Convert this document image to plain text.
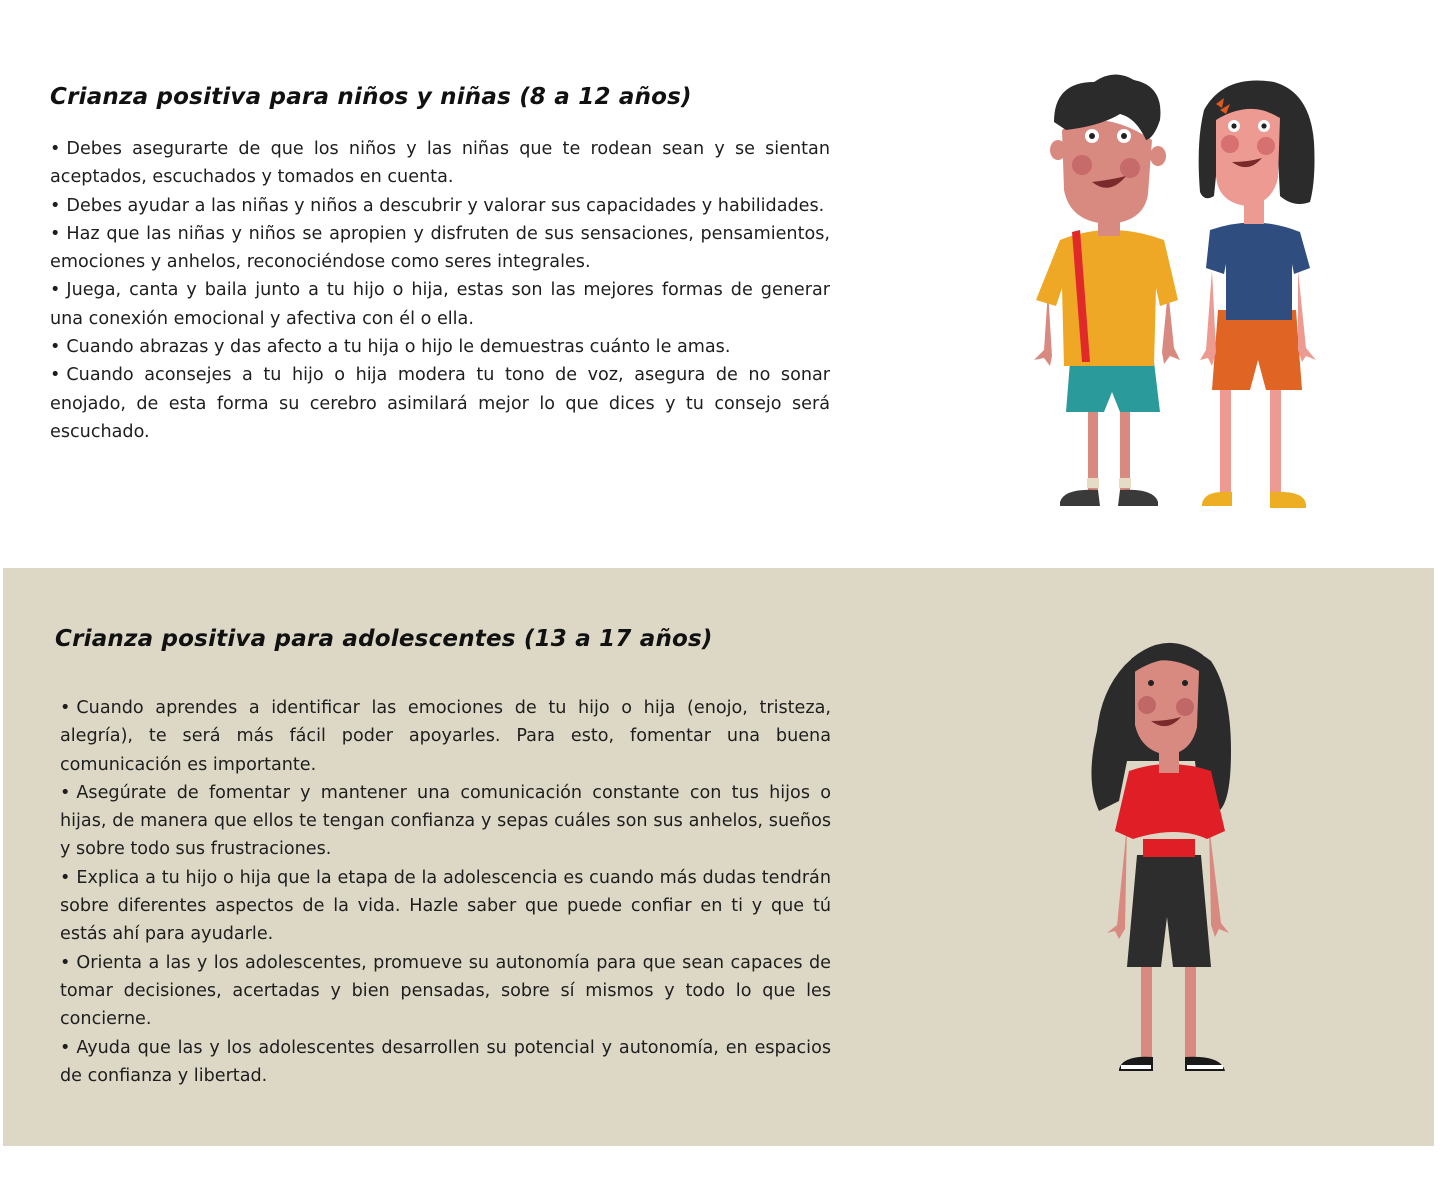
Crianza positiva para niños y niñas (8 a 12 años)
• Debes asegurarte de que los niños y las niñas que te rodean sean y se sientan aceptados, escuchados y tomados en cuenta.
• Debes ayudar a las niñas y niños a descubrir y valorar sus capacidades y habilidades.
• Haz que las niñas y niños se apropien y disfruten de sus sensaciones, pensamientos, emociones y anhelos, reconociéndose como seres integrales.
• Juega, canta y baila junto a tu hijo o hija, estas son las mejores formas de generar una conexión emocional y afectiva con él o ella.
• Cuando abrazas y das afecto a tu hija o hijo le demuestras cuánto le amas.
• Cuando aconsejes a tu hijo o hija modera tu tono de voz, asegura de no sonar enojado, de esta forma su cerebro asimilará mejor lo que dices y tu consejo será escuchado.
Crianza positiva para adolescentes (13 a 17 años)
• Cuando aprendes a identificar las emociones de tu hijo o hija (enojo, tristeza, alegría), te será más fácil poder apoyarles. Para esto, fomentar una buena comunicación es importante.
• Asegúrate de fomentar y mantener una comunicación constante con tus hijos o hijas, de manera que ellos te tengan confianza y sepas cuáles son sus anhelos, sueños y sobre todo sus frustraciones.
• Explica a tu hijo o hija que la etapa de la adolescencia es cuando más dudas tendrán sobre diferentes aspectos de la vida. Hazle saber que puede confiar en ti y que tú estás ahí para ayudarle.
• Orienta a las y los adolescentes, promueve su autonomía para que sean capaces de tomar decisiones, acertadas y bien pensadas, sobre sí mismos y todo lo que les concierne.
• Ayuda que las y los adolescentes desarrollen su potencial y autonomía, en espacios de confianza y libertad.
